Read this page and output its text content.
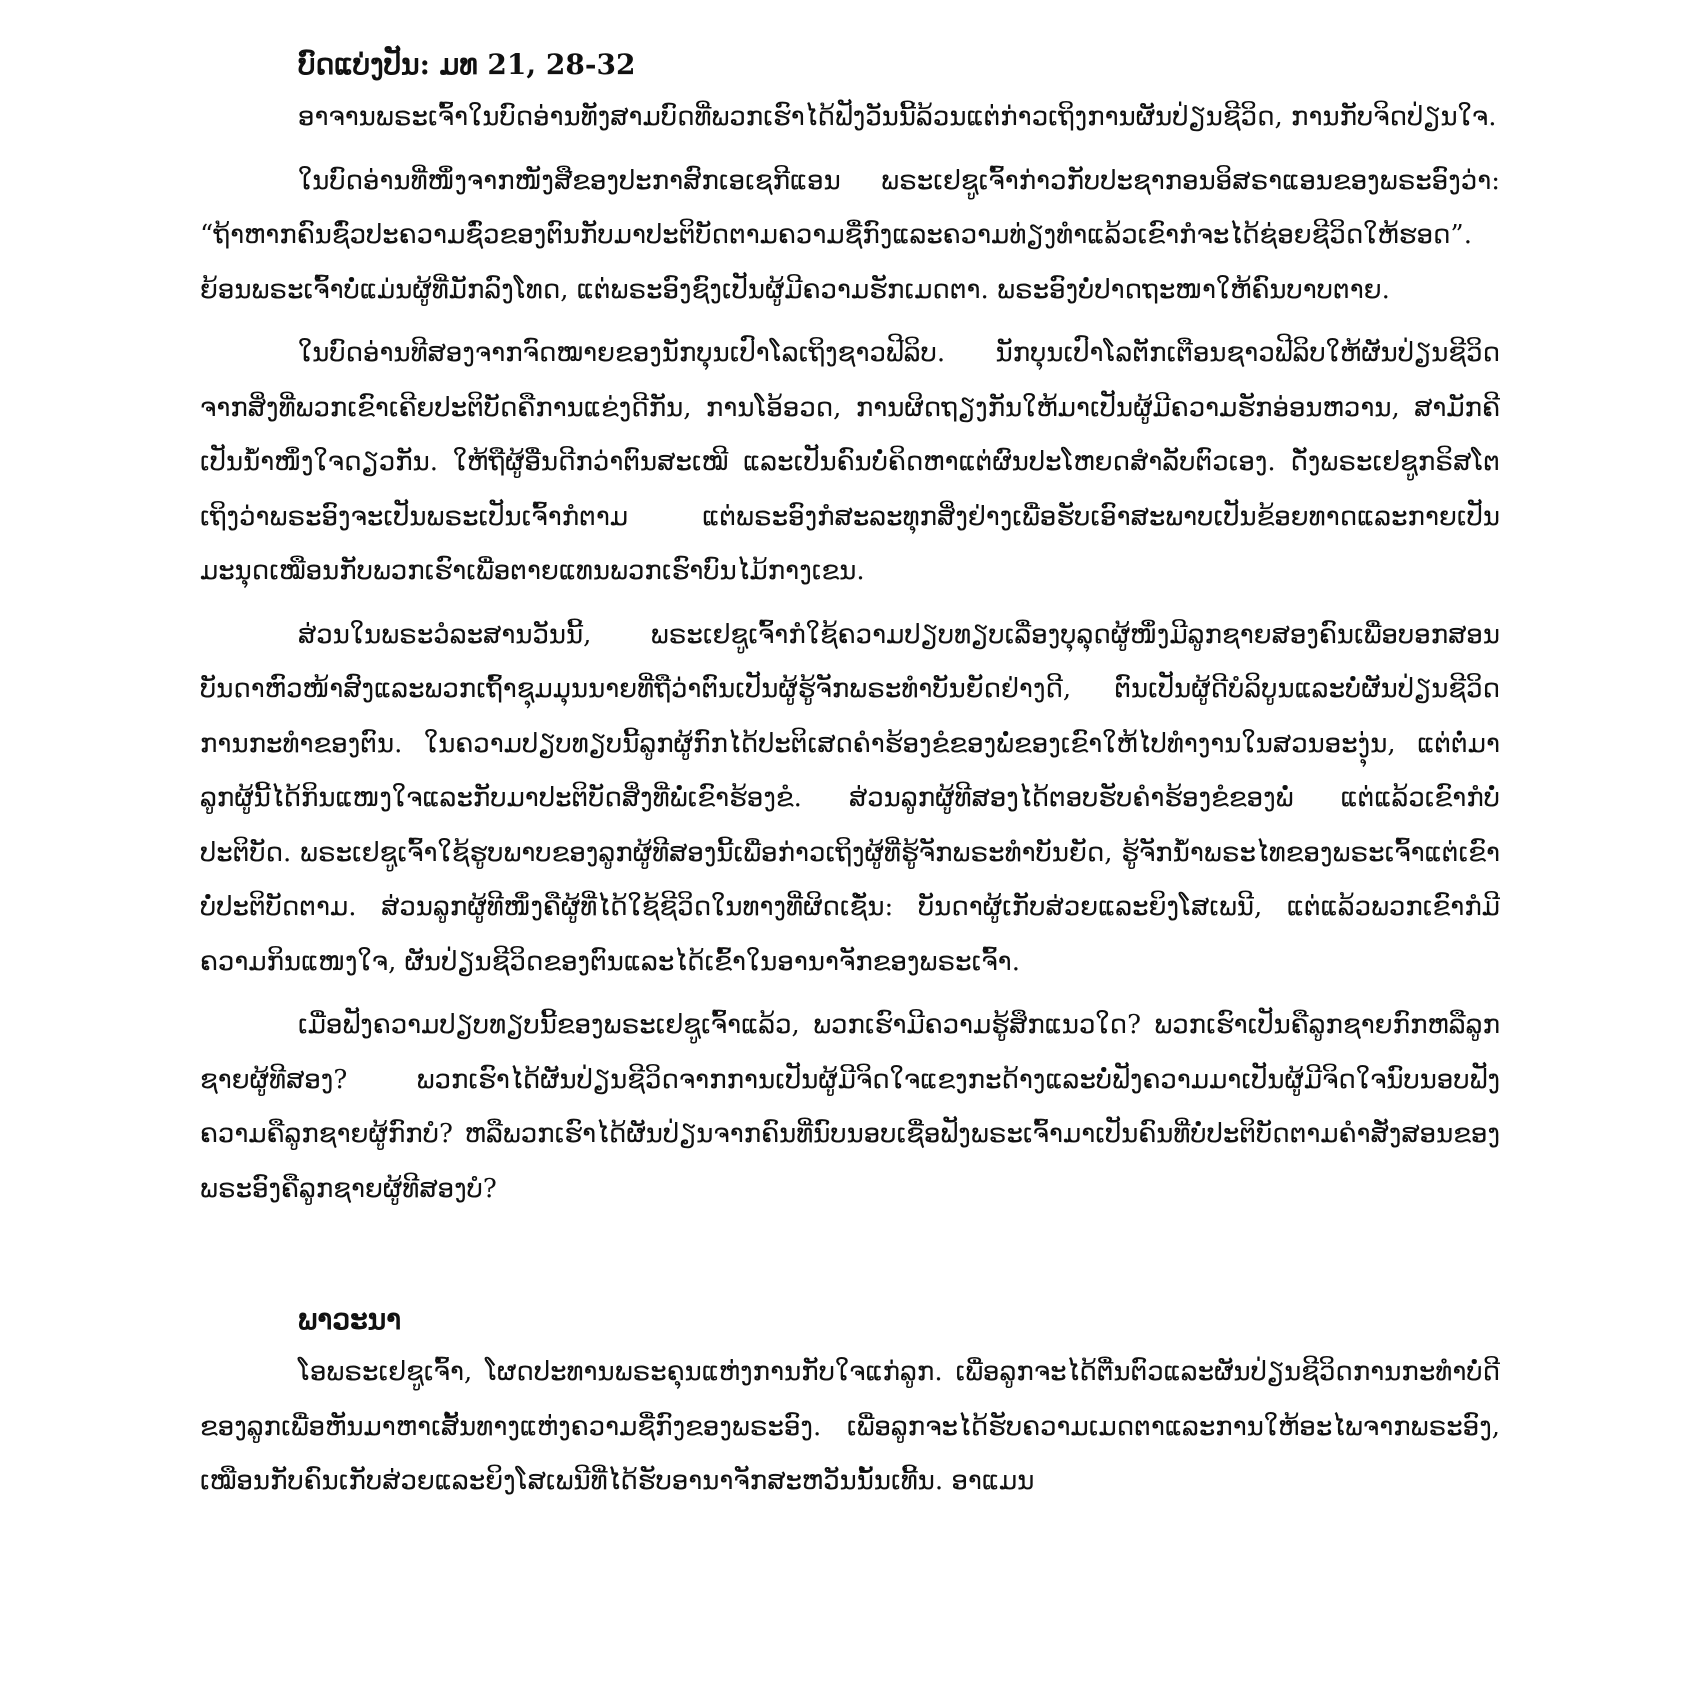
ບົດແບ່ງປັນ: ມທ 21, 28-32

ອາຈານພຣະເຈົ້າໃນບົດອ່ານທັງສາມບົດທີ່ພວກເຮົາໄດ້ຟັງວັນນີ້ລ້ວນແຕ່ກ່າວເຖິງການຜັນປ່ຽນຊີວິດ, ການກັບຈິດປ່ຽນໃຈ.

ໃນບົດອ່ານທີ່ໜຶ່ງຈາກໜັງສືຂອງປະກາສົກເອເຊກີແອນ ພຣະເຢຊູເຈົ້າກ່າວກັບປະຊາກອນອິສຣາແອນຂອງພຣະອົງວ່າ: “ຖ້າຫາກຄົນຊົ່ວປະຄວາມຊົ່ວຂອງຕົນກັບມາປະຕິບັດຕາມຄວາມຊື່ກົງແລະຄວາມທ່ຽງທຳແລ້ວເຂົາກໍຈະໄດ້ຊ່ອຍຊີວິດໃຫ້ຮອດ”. ຍ້ອນພຣະເຈົ້າບໍ່ແມ່ນຜູ້ທີ່ມັກລົງໂທດ, ແຕ່ພຣະອົງຊົງເປັນຜູ້ມີຄວາມຮັກເມດຕາ. ພຣະອົງບໍ່ປາດຖະໜາໃຫ້ຄົນບາບຕາຍ.

ໃນບົດອ່ານທີສອງຈາກຈົດໝາຍຂອງນັກບຸນເປົາໂລເຖິງຊາວຟີລິບ. ນັກບຸນເປົາໂລຕັກເຕືອນຊາວຟີລິບໃຫ້ຜັນປ່ຽນຊີວິດຈາກສິ່ງທີ່ພວກເຂົາເຄີຍປະຕິບັດຄືການແຂ່ງດີກັນ, ການໂອ້ອວດ, ການຜິດຖຽງກັນໃຫ້ມາເປັນຜູ້ມີຄວາມຮັກອ່ອນຫວານ, ສາມັກຄີເປັນນ້ຳໜຶ່ງໃຈດຽວກັນ. ໃຫ້ຖືຜູ້ອື່ນດີກວ່າຕົນສະເໝີ ແລະເປັນຄົນບໍ່ຄິດຫາແຕ່ຜົນປະໂຫຍດສຳລັບຕົວເອງ. ດັ່ງພຣະເຢຊູກຣິສໂຕເຖິງວ່າພຣະອົງຈະເປັນພຣະເປັນເຈົ້າກໍຕາມ ແຕ່ພຣະອົງກໍສະລະທຸກສິ່ງຢ່າງເພື່ອຮັບເອົາສະພາບເປັນຂ້ອຍທາດແລະກາຍເປັນມະນຸດເໝືອນກັບພວກເຮົາເພື່ອຕາຍແທນພວກເຮົາບົນໄມ້ກາງເຂນ.

ສ່ວນໃນພຣະວໍລະສານວັນນີ້, ພຣະເຢຊູເຈົ້າກໍໃຊ້ຄວາມປຽບທຽບເລື່ອງບຸລຸດຜູ້ໜຶ່ງມີລູກຊາຍສອງຄົນເພື່ອບອກສອນບັນດາຫົວໜ້າສົງແລະພວກເຖົ້າຊຸມມຸນນາຍທີ່ຖືວ່າຕົນເປັນຜູ້ຮູ້ຈັກພຣະທຳບັນຍັດຢ່າງດີ, ຕົນເປັນຜູ້ດີບໍລິບູນແລະບໍ່ຜັນປ່ຽນຊີວິດການກະທຳຂອງຕົນ. ໃນຄວາມປຽບທຽບນີ້ລູກຜູ້ກົກໄດ້ປະຕິເສດຄຳຮ້ອງຂໍຂອງພໍ່ຂອງເຂົາໃຫ້ໄປທຳງານໃນສວນອະງຸ່ນ, ແຕ່ຕໍ່ມາລູກຜູ້ນີ້ໄດ້ກິນແໜງໃຈແລະກັບມາປະຕິບັດສິ່ງທີ່ພໍ່ເຂົາຮ້ອງຂໍ. ສ່ວນລູກຜູ້ທີສອງໄດ້ຕອບຮັບຄຳຮ້ອງຂໍຂອງພໍ່ ແຕ່ແລ້ວເຂົາກໍບໍ່ປະຕິບັດ. ພຣະເຢຊູເຈົ້າໃຊ້ຮູບພາບຂອງລູກຜູ້ທີສອງນີ້ເພື່ອກ່າວເຖິງຜູ້ທີ່ຮູ້ຈັກພຣະທຳບັນຍັດ, ຮູ້ຈັກນ້ຳພຣະໄທຂອງພຣະເຈົ້າແຕ່ເຂົາບໍ່ປະຕິບັດຕາມ. ສ່ວນລູກຜູ້ທີໜຶ່ງຄືຜູ້ທີ່ໄດ້ໃຊ້ຊີວິດໃນທາງທີ່ຜິດເຊັ່ນ: ບັນດາຜູ້ເກັບສ່ວຍແລະຍິງໂສເພນີ, ແຕ່ແລ້ວພວກເຂົາກໍມີຄວາມກິນແໜງໃຈ, ຜັນປ່ຽນຊີວິດຂອງຕົນແລະໄດ້ເຂົ້າໃນອານາຈັກຂອງພຣະເຈົ້າ.

ເມື່ອຟັງຄວາມປຽບທຽບນີ້ຂອງພຣະເຢຊູເຈົ້າແລ້ວ, ພວກເຮົາມີຄວາມຮູ້ສຶກແນວໃດ? ພວກເຮົາເປັນຄືລູກຊາຍກົກຫລືລູກຊາຍຜູ້ທີສອງ? ພວກເຮົາໄດ້ຜັນປ່ຽນຊີວິດຈາກການເປັນຜູ້ມີຈິດໃຈແຂງກະດ້າງແລະບໍ່ຟັງຄວາມມາເປັນຜູ້ມີຈິດໃຈນົບນອບຟັງຄວາມຄືລູກຊາຍຜູ້ກົກບໍ? ຫລືພວກເຮົາໄດ້ຜັນປ່ຽນຈາກຄົນທີ່ນົບນອບເຊື່ອຟັງພຣະເຈົ້າມາເປັນຄົນທີ່ບໍ່ປະຕິບັດຕາມຄຳສັ່ງສອນຂອງພຣະອົງຄືລູກຊາຍຜູ້ທີສອງບໍ?

ພາວະນາ

ໂອພຣະເຢຊູເຈົ້າ, ໂຜດປະທານພຣະຄຸນແຫ່ງການກັບໃຈແກ່ລູກ. ເພື່ອລູກຈະໄດ້ຕື່ນຕົວແລະຜັນປ່ຽນຊີວິດການກະທຳບໍ່ດີຂອງລູກເພື່ອຫັນມາຫາເສັ້ນທາງແຫ່ງຄວາມຊື່ກົງຂອງພຣະອົງ. ເພື່ອລູກຈະໄດ້ຮັບຄວາມເມດຕາແລະການໃຫ້ອະໄພຈາກພຣະອົງ, ເໝືອນກັບຄົນເກັບສ່ວຍແລະຍິງໂສເພນີທີ່ໄດ້ຮັບອານາຈັກສະຫວັນນັ້ນເທີ້ນ. ອາແມນ
